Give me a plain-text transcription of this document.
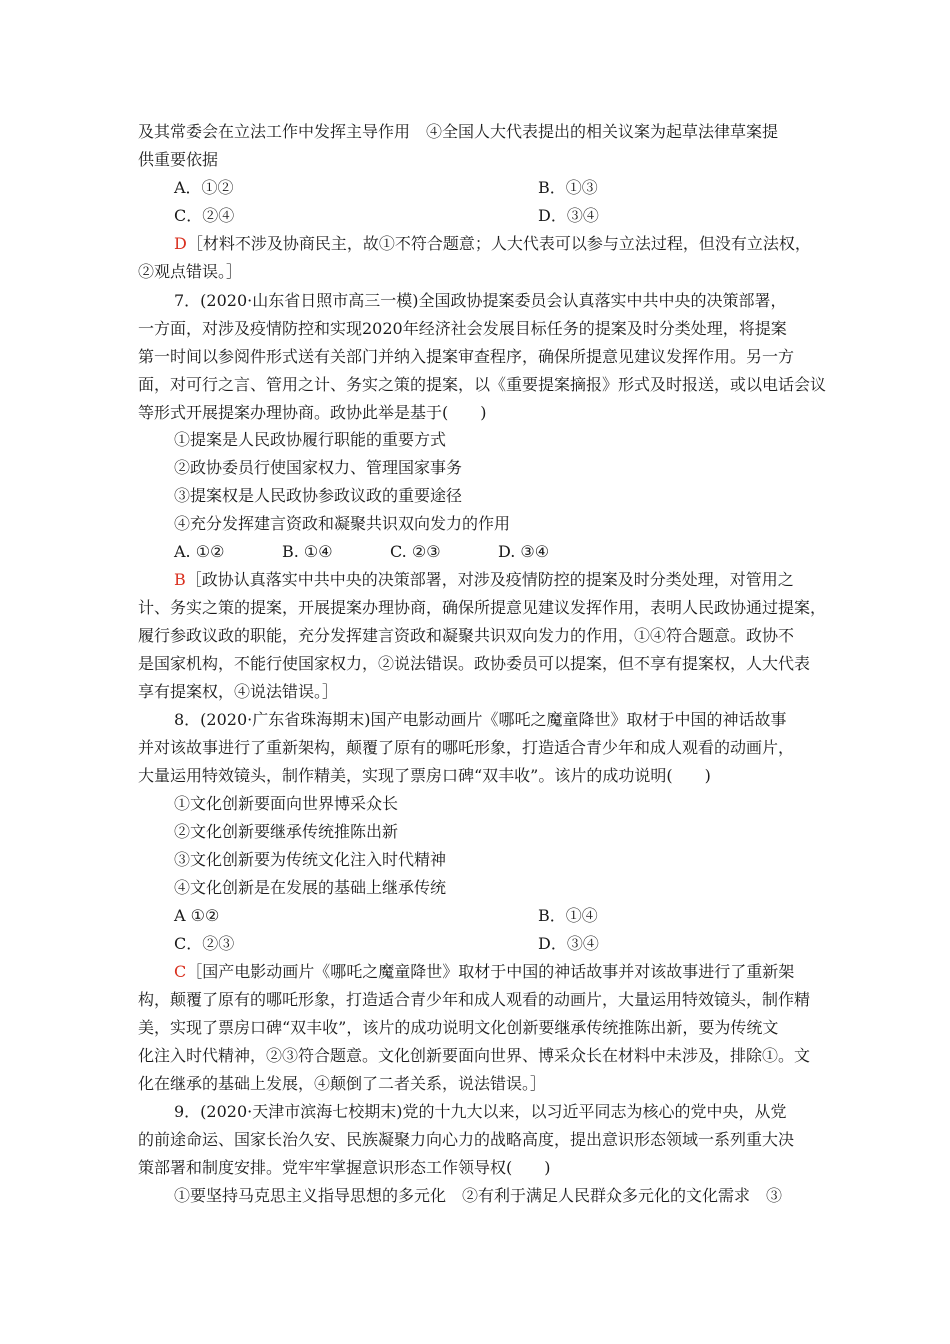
及其常委会在立法工作中发挥主导作用　④全国人大代表提出的相关议案为起草法律草案提
供重要依据
A．①②	B．①③
C．②④	D．③④
D［材料不涉及协商民主，故①不符合题意；人大代表可以参与立法过程，但没有立法权，
②观点错误。］
7．(2020·山东省日照市高三一模)全国政协提案委员会认真落实中共中央的决策部署，
一方面，对涉及疫情防控和实现2020年经济社会发展目标任务的提案及时分类处理，将提案
第一时间以参阅件形式送有关部门并纳入提案审查程序，确保所提意见建议发挥作用。另一方
面，对可行之言、管用之计、务实之策的提案，以《重要提案摘报》形式及时报送，或以电话会议
等形式开展提案办理协商。政协此举是基于(　　)
①提案是人民政协履行职能的重要方式
②政协委员行使国家权力、管理国家事务
③提案权是人民政协参政议政的重要途径
④充分发挥建言资政和凝聚共识双向发力的作用
A. ①②	B. ①④	C. ②③	D. ③④
B［政协认真落实中共中央的决策部署，对涉及疫情防控的提案及时分类处理，对管用之
计、务实之策的提案，开展提案办理协商，确保所提意见建议发挥作用，表明人民政协通过提案，
履行参政议政的职能，充分发挥建言资政和凝聚共识双向发力的作用，①④符合题意。政协不
是国家机构，不能行使国家权力，②说法错误。政协委员可以提案，但不享有提案权，人大代表
享有提案权，④说法错误。］
8．(2020·广东省珠海期末)国产电影动画片《哪吒之魔童降世》取材于中国的神话故事
并对该故事进行了重新架构，颠覆了原有的哪吒形象，打造适合青少年和成人观看的动画片，
大量运用特效镜头，制作精美，实现了票房口碑“双丰收”。该片的成功说明(　　)
①文化创新要面向世界博采众长
②文化创新要继承传统推陈出新
③文化创新要为传统文化注入时代精神
④文化创新是在发展的基础上继承传统
A ①②	B．①④
C．②③	D．③④
C［国产电影动画片《哪吒之魔童降世》取材于中国的神话故事并对该故事进行了重新架
构，颠覆了原有的哪吒形象，打造适合青少年和成人观看的动画片，大量运用特效镜头，制作精
美，实现了票房口碑“双丰收”，该片的成功说明文化创新要继承传统推陈出新，要为传统文
化注入时代精神，②③符合题意。文化创新要面向世界、博采众长在材料中未涉及，排除①。文
化在继承的基础上发展，④颠倒了二者关系，说法错误。］
9．(2020·天津市滨海七校期末)党的十九大以来，以习近平同志为核心的党中央，从党
的前途命运、国家长治久安、民族凝聚力向心力的战略高度，提出意识形态领域一系列重大决
策部署和制度安排。党牢牢掌握意识形态工作领导权(　　)
①要坚持马克思主义指导思想的多元化　②有利于满足人民群众多元化的文化需求　③
